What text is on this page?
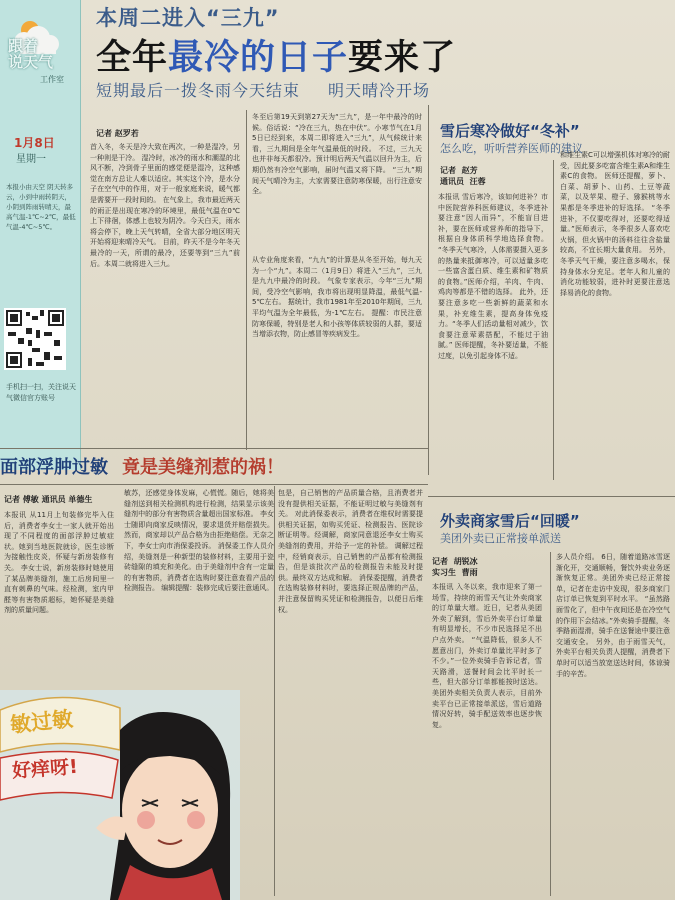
跟着
说天气
工作室
1月8日
星期一
本报小由天空 阴天转多云，小到中雨转阴天，小阴到阵雨转晴天，最高气温-1℃~2℃，最低气温-4℃~5℃。
手机扫一扫，关注说天气微信官方账号
本周二进入“三九”
全年最冷的日子要来了
短期最后一拨冬雨今天结束 明天晴冷开场
记者 赵罗若
首入冬，冬天是冷大致在两次，一种是湿冷，另一种则是干冷。 湿冷时，冰冷的雨水和潮湿的北风不断，冷到骨子里面的感觉便是湿冷，这种感觉在南方总让人难以适应。其实这个冷，是水分子在空气中的作用，对于一般家庭来说，暖气都是需要开一段时间的。 在气象上，我市最近两天的雨正是出现在寒冷的环境里，最低气温在0℃上下徘徊，体感上也较为阴冷。今天白天，雨水将会停下，晚上天气转晴，全省大部分地区明天开始将迎来晴冷天气。 目前，昨天不是今年冬天最冷的一天，所谓的最冷，还要等到“三九”前后。本周二就将进入三九。
冬至后第19天到第27天为“三九”，是一年中最冷的时候。俗话说：“冷在三九，热在中伏”。小寒节气在1月5日已经到来，本周二即将进入“三九”，从气候统计来看，三九期间是全年气温最低的时段。 不过，三九天也并非每天都很冷。预计明后两天气温以回升为主，后期仍然有冷空气影响，届时气温又将下降。 “三九”期间天气晴冷为主，大家需要注意防寒保暖，出行注意安全。
从专业角度来看，“九九”的计算是从冬至开始，每九天为一个“九”。本周二（1月9日）将进入“三九”，三九是九九中最冷的时段。 气象专家表示，今年“三九”期间，受冷空气影响，我市将出现明显降温，最低气温-5℃左右。 据统计，我市1981年至2010年期间，三九平均气温为全年最低，为-1℃左右。 提醒：市民注意防寒保暖，特别是老人和小孩等体质较弱的人群，要适当增添衣物，防止感冒等疾病发生。
雪后寒冷做好“冬补”
怎么吃，听听营养医师的建议
记者  赵芳
通讯员  汪蓉
本报讯 雪后寒冷，该如何进补？市中医院营养科医师建议，冬季进补要注意“因人而异”，不能盲目进补，要在医师或营养师的指导下，根据自身体质科学地选择食物。 “冬季天气寒冷，人体需要摄入更多的热量来抵御寒冷，可以适量多吃一些富含蛋白质、维生素和矿物质的食物。”医师介绍，羊肉、牛肉、鸡肉等都是不错的选择。 此外，还要注意多吃一些新鲜的蔬菜和水果，补充维生素，提高身体免疫力。“冬季人们活动量相对减少，饮食要注意荤素搭配，不能过于油腻。” 医师提醒，冬补要适量，不能过度，以免引起身体不适。
和维生素C可以增强机体对寒冷的耐受，因此要多吃富含维生素A和维生素C的食物。 医师还提醒，萝卜、白菜、胡萝卜、山药、土豆等蔬菜，以及苹果、橙子、猕猴桃等水果都是冬季进补的好选择。 “冬季进补，不仅要吃得对，还要吃得适量。”医师表示，冬季很多人喜欢吃火锅，但火锅中的汤料往往含盐量较高，不宜长期大量食用。 另外，冬季天气干燥，要注意多喝水，保持身体水分充足。老年人和儿童的消化功能较弱，进补时更要注意选择易消化的食物。
面部浮肿过敏 竟是美缝剂惹的祸！
记者 傅敏 通讯员 单德生
本报讯 从11月上旬装修完毕入住后，消费者李女士一家人就开始出现了不同程度的面部浮肿过敏症状。她到当地医院就诊，医生诊断为接触性皮炎，怀疑与新房装修有关。 李女士说，新房装修时她使用了某品牌美缝剂，施工后房间里一直有刺鼻的气味。经检测，室内甲醛等有害物质超标，她怀疑是美缝剂的质量问题。
敏苏，还感觉身体发麻，心慌慌。随后，她将美缝剂送到相关检测机构进行检测，结果显示该美缝剂中的部分有害物质含量超出国家标准。 李女士随即向商家反映情况，要求退货并赔偿损失。然而，商家却以产品合格为由拒绝赔偿。无奈之下，李女士向市消保委投诉。 消保委工作人员介绍，美缝剂是一种新型的装修材料，主要用于瓷砖缝隙的填充和美化。由于美缝剂中含有一定量的有害物质，消费者在选购时要注意查看产品的检测报告。 编辑提醒：装修完成后要注意通风。
包是，自己销售的产品质量合格，且消费者并没有提供相关证据，不能证明过敏与美缝剂有关。 对此消保委表示，消费者在维权时需要提供相关证据，如购买凭证、检测报告、医院诊断证明等。经调解，商家同意退还李女士购买美缝剂的费用，并给予一定的补偿。 调解过程中，经销商表示，自己销售的产品都有检测报告，但是该批次产品的检测报告未能及时提供。最终双方达成和解。 消保委提醒，消费者在选购装修材料时，要选择正规品牌的产品，并注意保留购买凭证和检测报告，以便日后维权。
敏过敏
好痒呀!
外卖商家雪后“回暖”
美团外卖已正常接单派送
记者  胡锐冰
实习生  曹雨
本报讯 入冬以来，我市迎来了第一场雪，持续的雨雪天气让外卖商家的订单量大增。近日，记者从美团外卖了解到，雪后外卖平台订单量有明显增长，不少市民选择足不出户点外卖。 “气温降低，很多人不愿意出门，外卖订单量比平时多了不少。”一位外卖骑手告诉记者，雪天路滑，送餐时间会比平时长一些，但大部分订单都能按时送达。 美团外卖相关负责人表示，目前外卖平台已正常接单派送，雪后道路情况好转，骑手配送效率也逐步恢复。
多人员介绍。 6日，随着道路冰雪逐渐化开，交通顺畅，餐饮外卖业务逐渐恢复正常。美团外卖已经正常接单，记者在走访中发现，很多商家门店订单已恢复到平时水平。 “虽然路面雪化了，但中午夜间还是在冷空气的作用下会结冰。”外卖骑手提醒，冬季路面湿滑，骑手在送餐途中要注意交通安全。 另外，由于雨雪天气，外卖平台相关负责人提醒，消费者下单时可以适当放宽送达时间，体谅骑手的辛苦。
